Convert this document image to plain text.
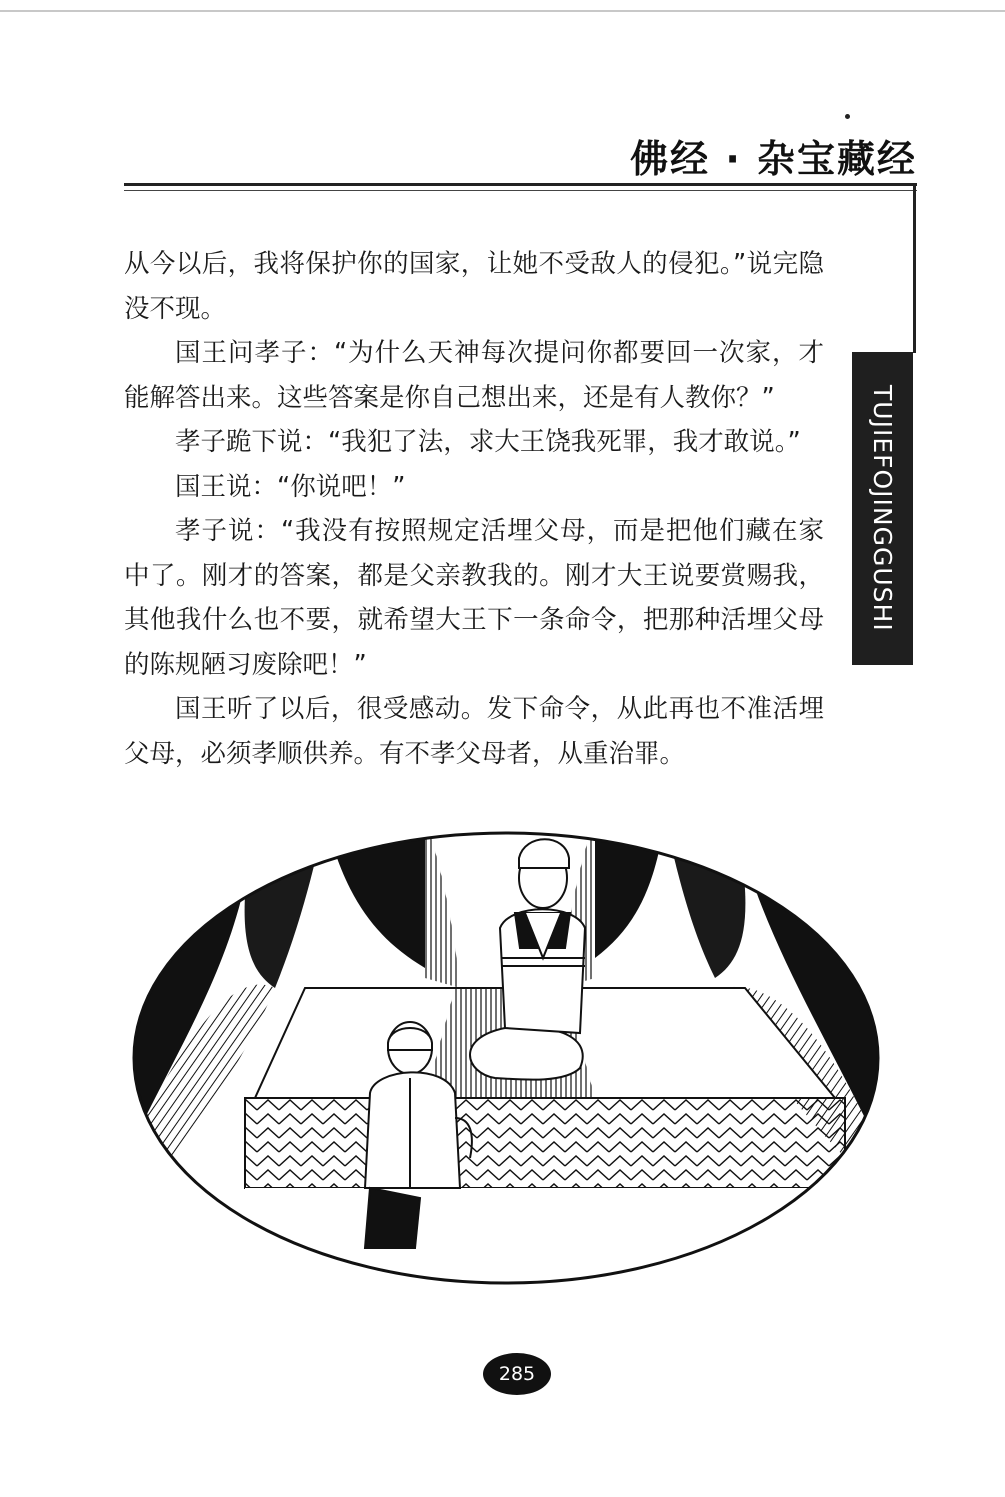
佛经 · 杂宝藏经
TUJIEFOJINGGUSHI

从今以后，我将保护你的国家，让她不受敌人的侵犯。”说完隐没不现。

国王问孝子：“为什么天神每次提问你都要回一次家，才能解答出来。这些答案是你自己想出来，还是有人教你？”

孝子跪下说：“我犯了法，求大王饶我死罪，我才敢说。”

国王说：“你说吧！”

孝子说：“我没有按照规定活埋父母，而是把他们藏在家中了。刚才的答案，都是父亲教我的。刚才大王说要赏赐我，其他我什么也不要，就希望大王下一条命令，把那种活埋父母的陈规陋习废除吧！”

国王听了以后，很受感动。发下命令，从此再也不准活埋父母，必须孝顺供养。有不孝父母者，从重治罪。

285
